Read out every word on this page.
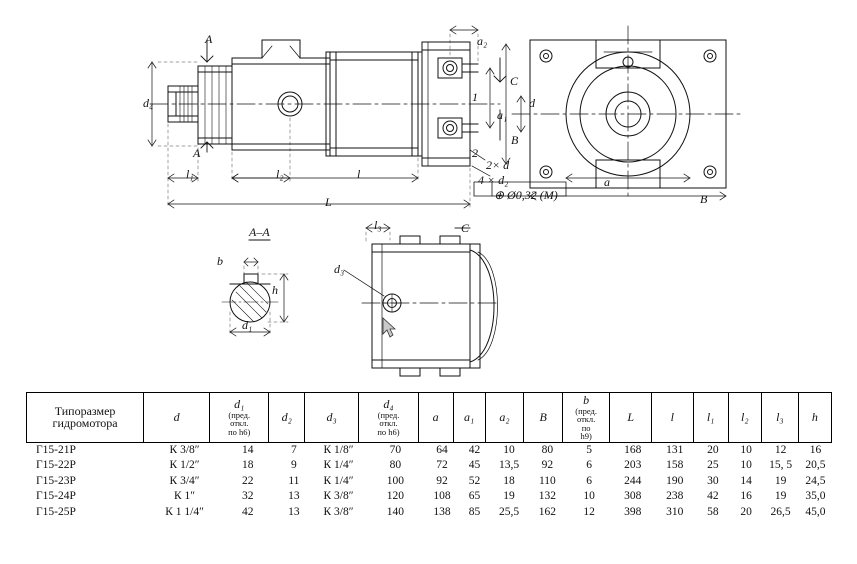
A
A
a₂
d₄
a₁
C
B
1
2
l₁	l₂	l
L
2× d
4 × d₂
⊕ Ø0,32 (M)
d
a
B
A–A
b
h
d₁
l₃	C
d₃
Типоразмер
гидромотора	d	
d₁
(пред.
откл.
по h6)
	d₂	d₃	
d₄
(пред.
откл.
по h6)
	a	a₁	a₂	B	
b
(пред.
откл.
по
h9)
	L	l	l₁	l₂	l₃	h
Г15-21Р	К 3/8″	14	7	К 1/8″	70	64	42	10	80	5	168	131	20	10	12	16
Г15-22Р	К 1/2″	18	9	К 1/4″	80	72	45	13,5	92	6	203	158	25	10	15, 5	20,5
Г15-23Р	К 3/4″	22	11	К 1/4″	100	92	52	18	110	6	244	190	30	14	19	24,5
Г15-24Р	К 1″	32	13	К 3/8″	120	108	65	19	132	10	308	238	42	16	19	35,0
Г15-25Р	К 1 1/4″	42	13	К 3/8″	140	138	85	25,5	162	12	398	310	58	20	26,5	45,0
